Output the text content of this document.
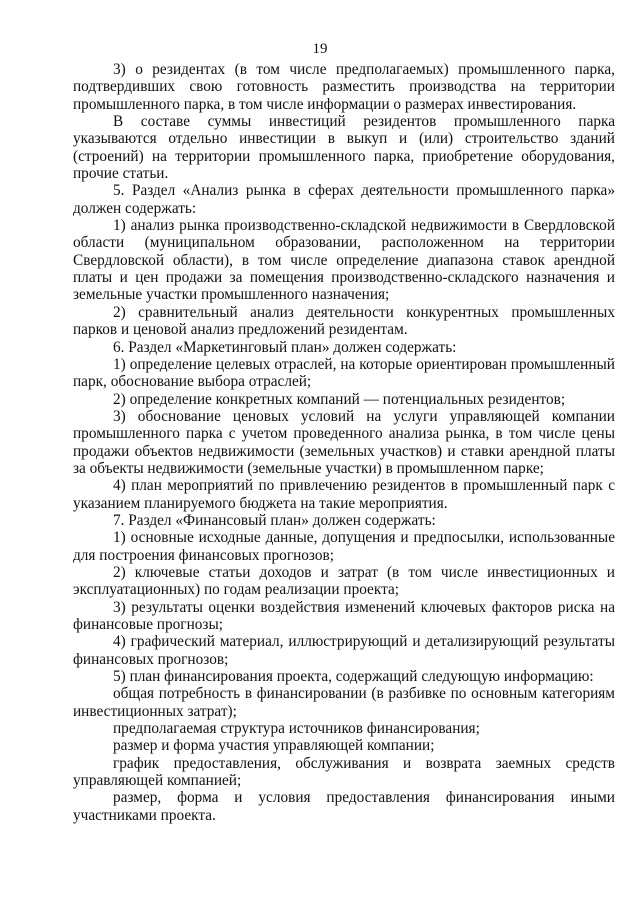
19

3) о резидентах (в том числе предполагаемых) промышленного парка, подтвердивших свою готовность разместить производства на территории промышленного парка, в том числе информации о размерах инвестирования.

В составе суммы инвестиций резидентов промышленного парка указываются отдельно инвестиции в выкуп и (или) строительство зданий (строений) на территории промышленного парка, приобретение оборудования, прочие статьи.

5. Раздел «Анализ рынка в сферах деятельности промышленного парка» должен содержать:

1) анализ рынка производственно-складской недвижимости в Свердловской области (муниципальном образовании, расположенном на территории Свердловской области), в том числе определение диапазона ставок арендной платы и цен продажи за помещения производственно-складского назначения и земельные участки промышленного назначения;

2) сравнительный анализ деятельности конкурентных промышленных парков и ценовой анализ предложений резидентам.

6. Раздел «Маркетинговый план» должен содержать:

1) определение целевых отраслей, на которые ориентирован промышленный парк, обоснование выбора отраслей;

2) определение конкретных компаний — потенциальных резидентов;

3) обоснование ценовых условий на услуги управляющей компании промышленного парка с учетом проведенного анализа рынка, в том числе цены продажи объектов недвижимости (земельных участков) и ставки арендной платы за объекты недвижимости (земельные участки) в промышленном парке;

4) план мероприятий по привлечению резидентов в промышленный парк с указанием планируемого бюджета на такие мероприятия.

7. Раздел «Финансовый план» должен содержать:

1) основные исходные данные, допущения и предпосылки, использованные для построения финансовых прогнозов;

2) ключевые статьи доходов и затрат (в том числе инвестиционных и эксплуатационных) по годам реализации проекта;

3) результаты оценки воздействия изменений ключевых факторов риска на финансовые прогнозы;

4) графический материал, иллюстрирующий и детализирующий результаты финансовых прогнозов;

5) план финансирования проекта, содержащий следующую информацию:

общая потребность в финансировании (в разбивке по основным категориям инвестиционных затрат);

предполагаемая структура источников финансирования;

размер и форма участия управляющей компании;

график предоставления, обслуживания и возврата заемных средств управляющей компанией;

размер, форма и условия предоставления финансирования иными участниками проекта.
